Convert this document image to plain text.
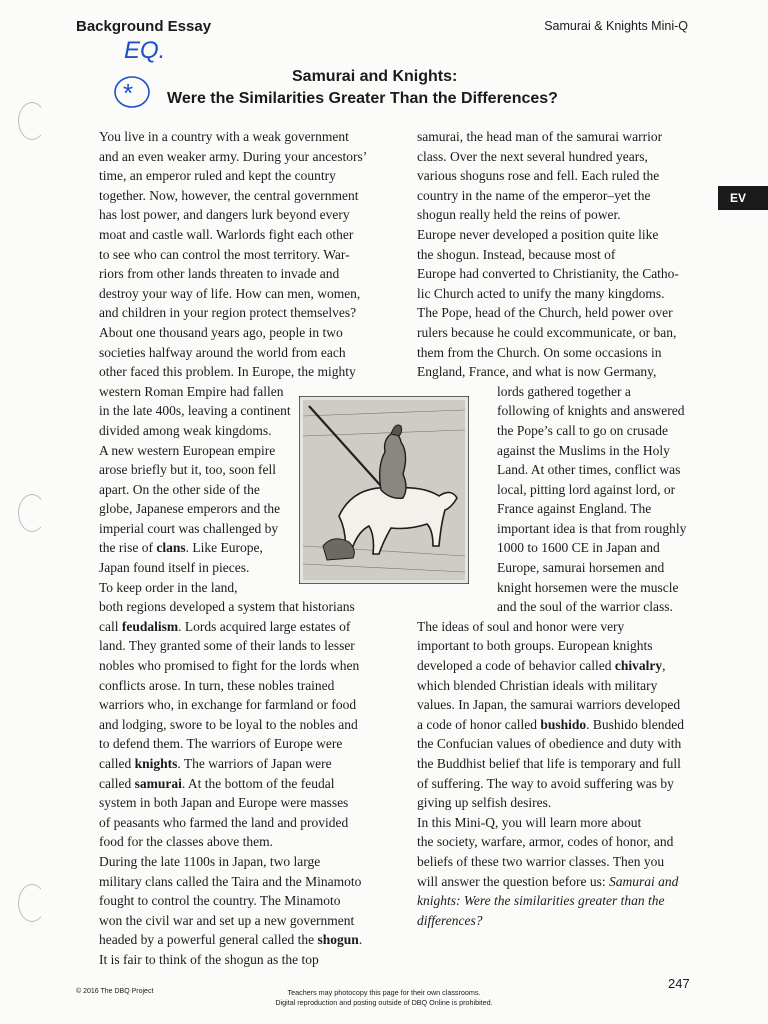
Background Essay	Samurai & Knights Mini-Q
EQ.
*
Samurai and Knights:
Were the Similarities Greater Than the Differences?
EV

You live in a country with a weak government
and an even weaker army. During your ancestors’
time, an emperor ruled and kept the country
together. Now, however, the central government
has lost power, and dangers lurk beyond every
moat and castle wall. Warlords fight each other
to see who can control the most territory. War-
riors from other lands threaten to invade and
destroy your way of life. How can men, women,
and children in your region protect themselves?

About one thousand years ago, people in two
societies halfway around the world from each
other faced this problem. In Europe, the mighty
western Roman Empire had fallen
in the late 400s, leaving a continent
divided among weak kingdoms.
A new western European empire
arose briefly but it, too, soon fell
apart. On the other side of the
globe, Japanese emperors and the
imperial court was challenged by
the rise of clans. Like Europe,
Japan found itself in pieces.

To keep order in the land,
both regions developed a system that historians
call feudalism. Lords acquired large estates of
land. They granted some of their lands to lesser
nobles who promised to fight for the lords when
conflicts arose. In turn, these nobles trained
warriors who, in exchange for farmland or food
and lodging, swore to be loyal to the nobles and
to defend them. The warriors of Europe were
called knights. The warriors of Japan were
called samurai. At the bottom of the feudal
system in both Japan and Europe were masses
of peasants who farmed the land and provided
food for the classes above them.

During the late 1100s in Japan, two large
military clans called the Taira and the Minamoto
fought to control the country. The Minamoto
won the civil war and set up a new government
headed by a powerful general called the shogun.
It is fair to think of the shogun as the top

samurai, the head man of the samurai warrior
class. Over the next several hundred years,
various shoguns rose and fell. Each ruled the
country in the name of the emperor–yet the
shogun really held the reins of power.

Europe never developed a position quite like
the shogun. Instead, because most of
Europe had converted to Christianity, the Catho-
lic Church acted to unify the many kingdoms.
The Pope, head of the Church, held power over
rulers because he could excommunicate, or ban,
them from the Church. On some occasions in
England, France, and what is now Germany,
lords gathered together a
following of knights and answered
the Pope’s call to go on crusade
against the Muslims in the Holy
Land. At other times, conflict was
local, pitting lord against lord, or
France against England. The
important idea is that from roughly
1000 to 1600 CE in Japan and
Europe, samurai horsemen and
knight horsemen were the muscle
and the soul of the warrior class.

The ideas of soul and honor were very
important to both groups. European knights
developed a code of behavior called chivalry,
which blended Christian ideals with military
values. In Japan, the samurai warriors developed
a code of honor called bushido. Bushido blended
the Confucian values of obedience and duty with
the Buddhist belief that life is temporary and full
of suffering. The way to avoid suffering was by
giving up selfish desires.

In this Mini-Q, you will learn more about
the society, warfare, armor, codes of honor, and
beliefs of these two warrior classes. Then you
will answer the question before us: Samurai and
knights: Were the similarities greater than the
differences?

© 2016 The DBQ Project	Teachers may photocopy this page for their own classrooms.
Digital reproduction and posting outside of DBQ Online is prohibited.
247
